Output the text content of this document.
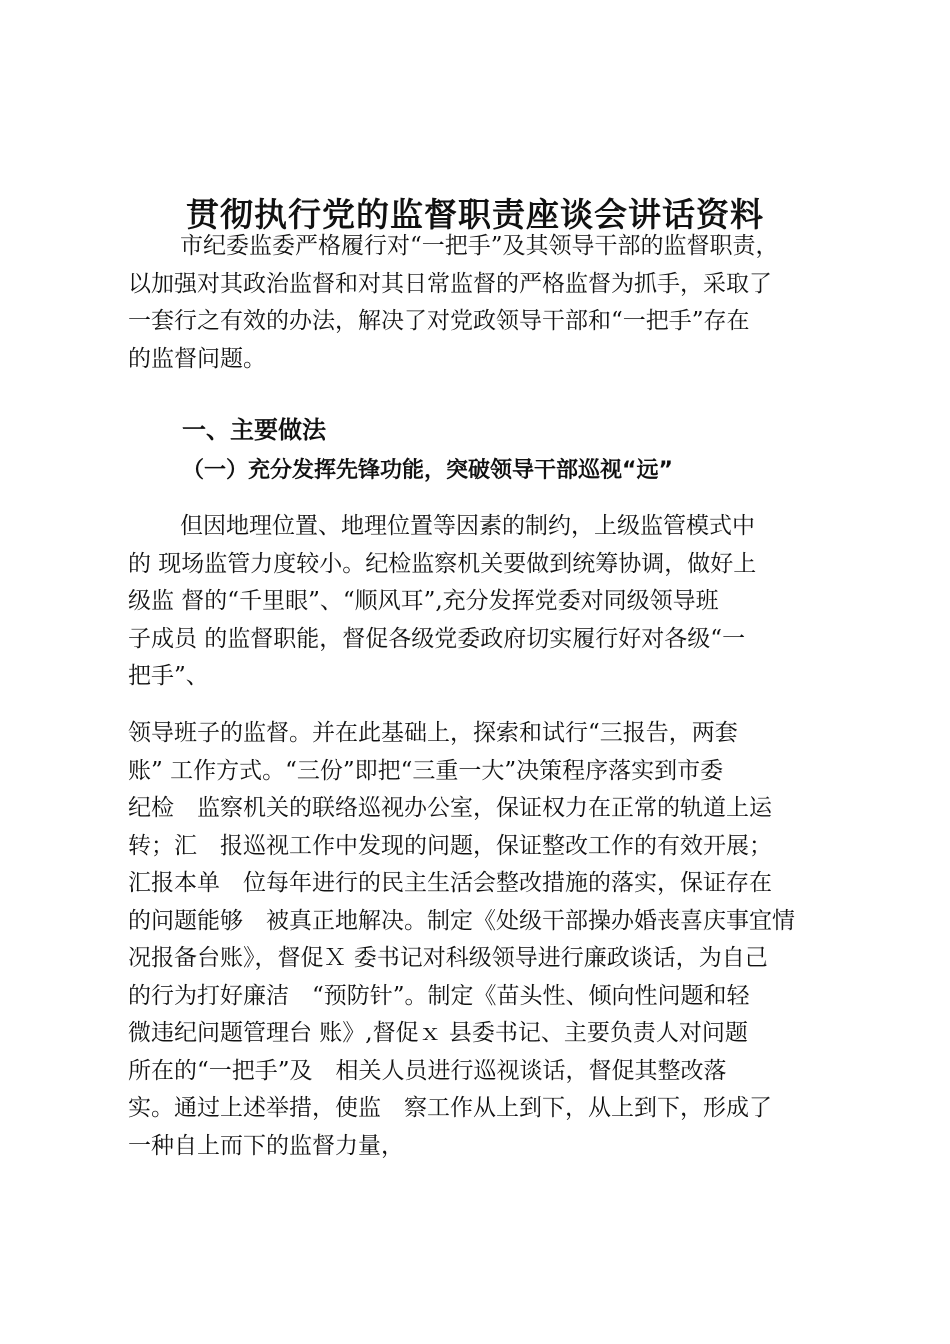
贯彻执行党的监督职责座谈会讲话资料
市纪委监委严格履行对“一把手”及其领导干部的监督职责，
以加强对其政治监督和对其日常监督的严格监督为抓手，采取了
一套行之有效的办法，解决了对党政领导干部和“一把手”存在
的监督问题。
一、主要做法
（一）充分发挥先锋功能，突破领导干部巡视“远”
但因地理位置、地理位置等因素的制约，上级监管模式中
的 现场监管力度较小。纪检监察机关要做到统筹协调，做好上
级监 督的“千里眼”、“顺风耳”,充分发挥党委对同级领导班
子成员 的监督职能，督促各级党委政府切实履行好对各级“一
把手”、
领导班子的监督。并在此基础上，探索和试行“三报告，两套
账” 工作方式。“三份”即把“三重一大”决策程序落实到市委
纪检　监察机关的联络巡视办公室，保证权力在正常的轨道上运
转；汇　报巡视工作中发现的问题，保证整改工作的有效开展；
汇报本单　位每年进行的民主生活会整改措施的落实，保证存在
的问题能够　被真正地解决。制定《处级干部操办婚丧喜庆事宜情
况报备台账》，督促Ｘ 委书记对科级领导进行廉政谈话，为自己
的行为打好廉洁　“预防针”。制定《苗头性、倾向性问题和轻
微违纪问题管理台 账》,督促ｘ 县委书记、主要负责人对问题
所在的“一把手”及　相关人员进行巡视谈话，督促其整改落
实。通过上述举措，使监　察工作从上到下，从上到下，形成了
一种自上而下的监督力量，
